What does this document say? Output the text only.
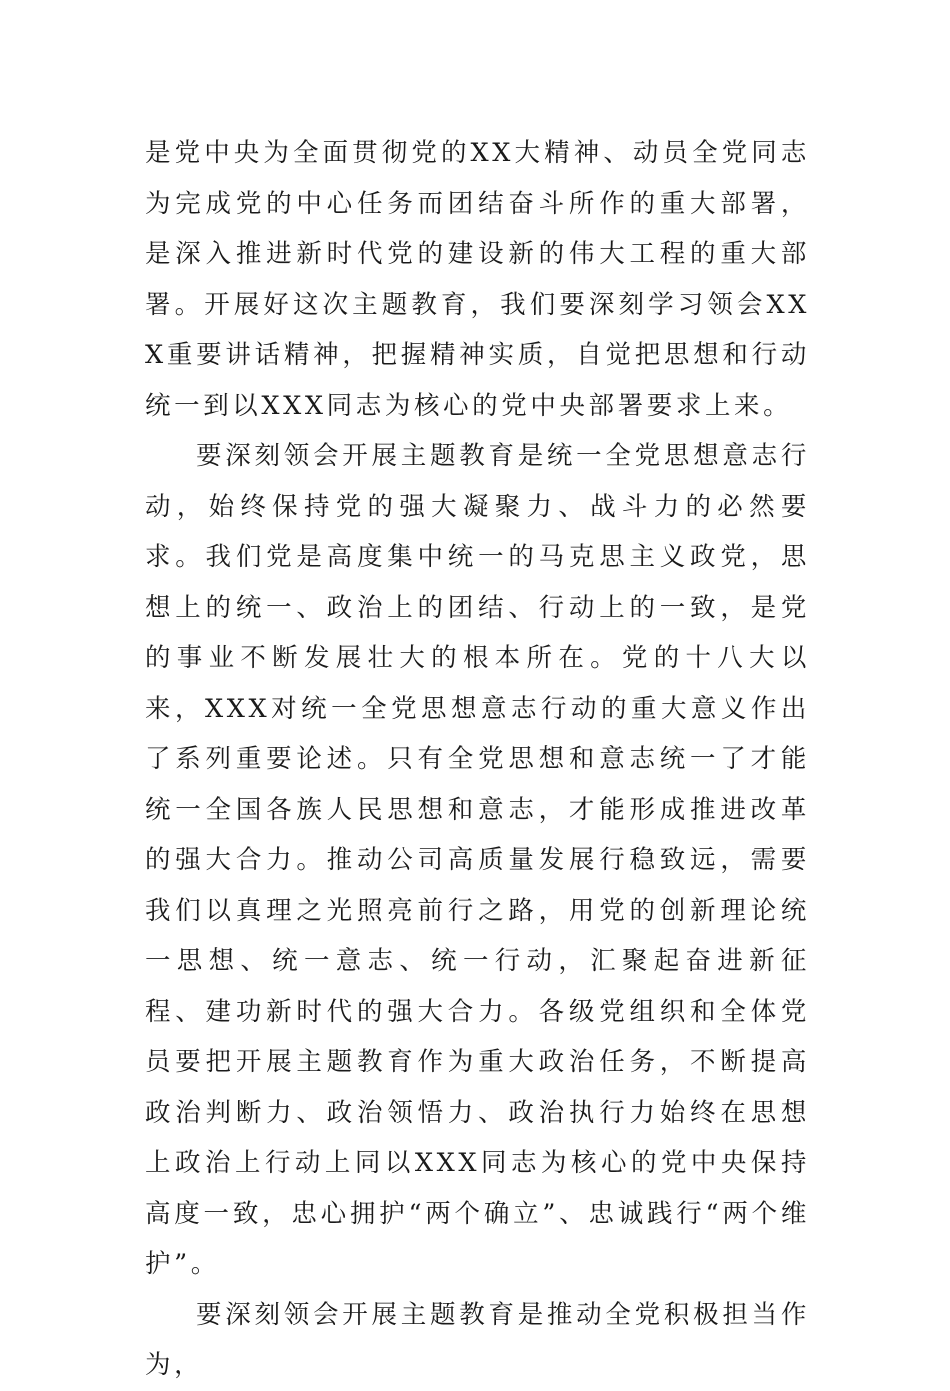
是党中央为全面贯彻党的XX大精神、动员全党同志为完成党的中心任务而团结奋斗所作的重大部署，是深入推进新时代党的建设新的伟大工程的重大部署。开展好这次主题教育，我们要深刻学习领会XXX重要讲话精神，把握精神实质，自觉把思想和行动统一到以XXX同志为核心的党中央部署要求上来。

要深刻领会开展主题教育是统一全党思想意志行动，始终保持党的强大凝聚力、战斗力的必然要求。我们党是高度集中统一的马克思主义政党，思想上的统一、政治上的团结、行动上的一致，是党的事业不断发展壮大的根本所在。党的十八大以来，XXX对统一全党思想意志行动的重大意义作出了系列重要论述。只有全党思想和意志统一了才能统一全国各族人民思想和意志，才能形成推进改革的强大合力。推动公司高质量发展行稳致远，需要我们以真理之光照亮前行之路，用党的创新理论统一思想、统一意志、统一行动，汇聚起奋进新征程、建功新时代的强大合力。各级党组织和全体党员要把开展主题教育作为重大政治任务，不断提高政治判断力、政治领悟力、政治执行力始终在思想上政治上行动上同以XXX同志为核心的党中央保持高度一致，忠心拥护“两个确立”、忠诚践行“两个维护”。

要深刻领会开展主题教育是推动全党积极担当作为，
